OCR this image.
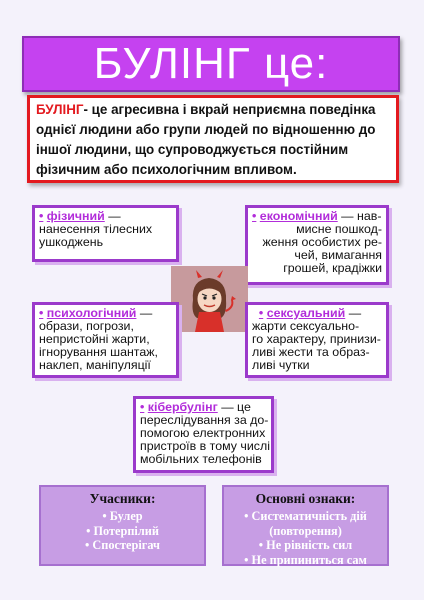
БУЛІНГ це:
БУЛІНГ- це агресивна і вкрай неприємна поведінка
однієї людини або групи людей по відношенню до
іншої людини, що супроводжується постійним
фізичним або психологічним впливом.
• фізичний —
нанесення тілесних
ушкоджень
• економічний — нав-
мисне пошкод-
ження особистих ре-
чей, вимагання
грошей, крадіжки
• психологічний —
образи, погрози,
непристойні жарти,
ігнорування шантаж,
наклеп, маніпуляції
• сексуальний —
жарти сексуально-
го характеру, принизи-
ливі жести та образ-
ливі чутки
• кібербулінг — це
переслідування за до-
помогою електронних
пристроїв в тому числі
мобільних телефонів
Учасники:
• Булер
• Потерпілий
• Спостерігач
Основні ознаки:
• Систематичність дій
(повторення)
• Не рівність сил
• Не припиниться сам
